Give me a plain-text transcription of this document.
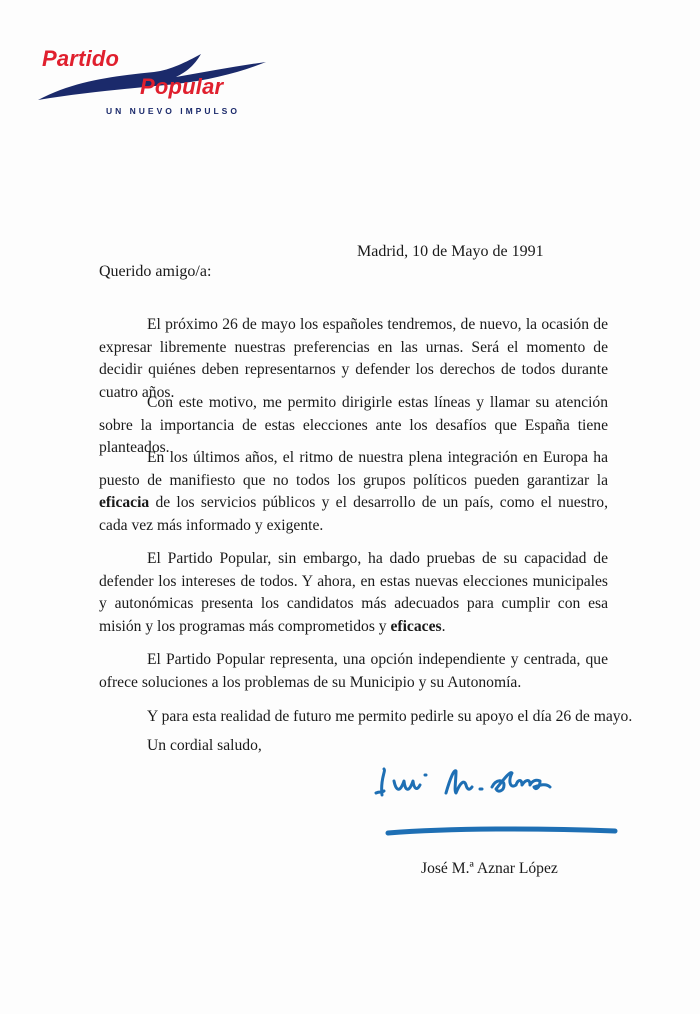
Partido
Popular
UN NUEVO IMPULSO
Madrid, 10 de Mayo de 1991
Querido amigo/a:
El próximo 26 de mayo los españoles tendremos, de nuevo, la ocasión de expresar libremente nuestras preferencias en las urnas. Será el momento de decidir quiénes deben representarnos y defender los derechos de todos durante cuatro años.
Con este motivo, me permito dirigirle estas líneas y llamar su atención sobre la importancia de estas elecciones ante los desafíos que España tiene planteados.
En los últimos años, el ritmo de nuestra plena integración en Europa ha puesto de manifiesto que no todos los grupos políticos pueden garantizar la eficacia de los servicios públicos y el desarrollo de un país, como el nuestro, cada vez más informado y exigente.
El Partido Popular, sin embargo, ha dado pruebas de su capacidad de defender los intereses de todos. Y ahora, en estas nuevas elecciones municipales y autonómicas presenta los candidatos más adecuados para cumplir con esa misión y los programas más comprometidos y eficaces.
El Partido Popular representa, una opción independiente y centrada, que ofrece soluciones a los problemas de su Municipio y su Autonomía.
Y para esta realidad de futuro me permito pedirle su apoyo el día 26 de mayo.
Un cordial saludo,
José M.ª Aznar López
